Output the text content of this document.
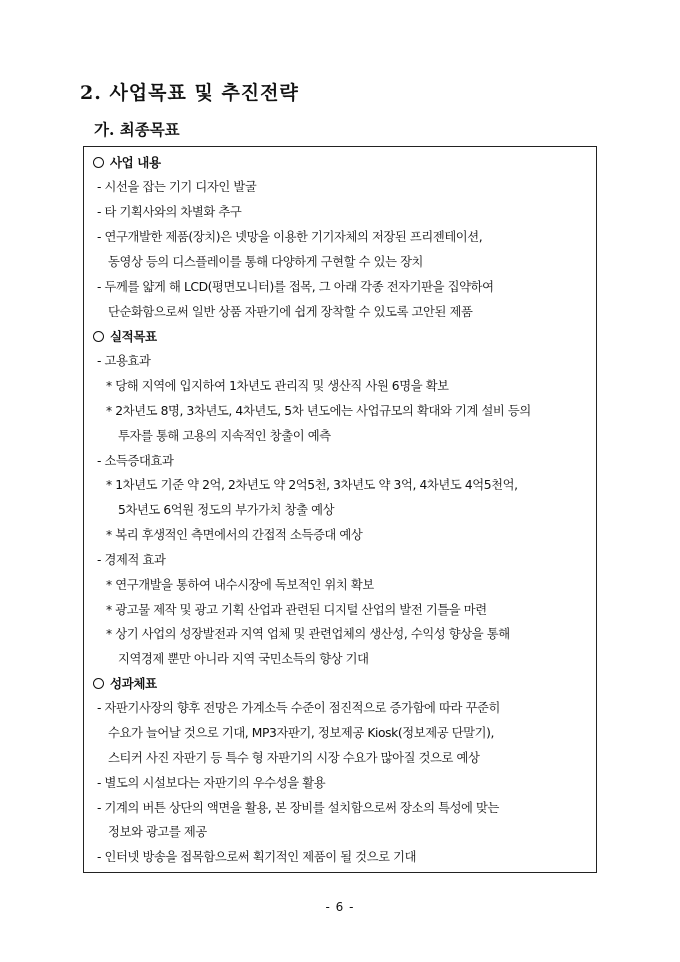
2. 사업목표 및 추진전략
가. 최종목표
사업 내용
- 시선을 잡는 기기 디자인 발굴
- 타 기획사와의 차별화 추구
- 연구개발한 제품(장치)은 넷망을 이용한 기기자체의 저장된 프리젠테이션,
동영상 등의 디스플레이를 통해 다양하게 구현할 수 있는 장치
- 두께를 얇게 해 LCD(평면모니터)를 접목, 그 아래 각종 전자기판을 집약하여
단순화함으로써 일반 상품 자판기에 쉽게 장착할 수 있도록 고안된 제품
실적목표
- 고용효과
* 당해 지역에 입지하여 1차년도 관리직 및 생산직 사원 6명을 확보
* 2차년도 8명, 3차년도, 4차년도, 5차 년도에는 사업규모의 확대와 기계 설비 등의
투자를 통해 고용의 지속적인 창출이 예측
- 소득증대효과
* 1차년도 기준 약 2억, 2차년도 약 2억5천, 3차년도 약 3억, 4차년도 4억5천억,
5차년도 6억원 정도의 부가가치 창출 예상
* 복리 후생적인 측면에서의 간접적 소득증대 예상
- 경제적 효과
* 연구개발을 통하여 내수시장에 독보적인 위치 확보
* 광고물 제작 및 광고 기획 산업과 관련된 디지털 산업의 발전 기틀을 마련
* 상기 사업의 성장발전과 지역 업체 및 관련업체의 생산성, 수익성 향상을 통해
지역경제 뿐만 아니라 지역 국민소득의 향상 기대
성과체표
- 자판기사장의 향후 전망은 가계소득 수준이 점진적으로 증가함에 따라 꾸준히
수요가 늘어날 것으로 기대, MP3자판기, 정보제공 Kiosk(정보제공 단말기),
스티커 사진 자판기 등 특수 형 자판기의 시장 수요가 많아질 것으로 예상
- 별도의 시설보다는 자판기의 우수성을 활용
- 기계의 버튼 상단의 액면을 활용, 본 장비를 설치함으로써 장소의 특성에 맞는
정보와 광고를 제공
- 인터넷 방송을 접목함으로써 획기적인 제품이 될 것으로 기대
- 6 -
